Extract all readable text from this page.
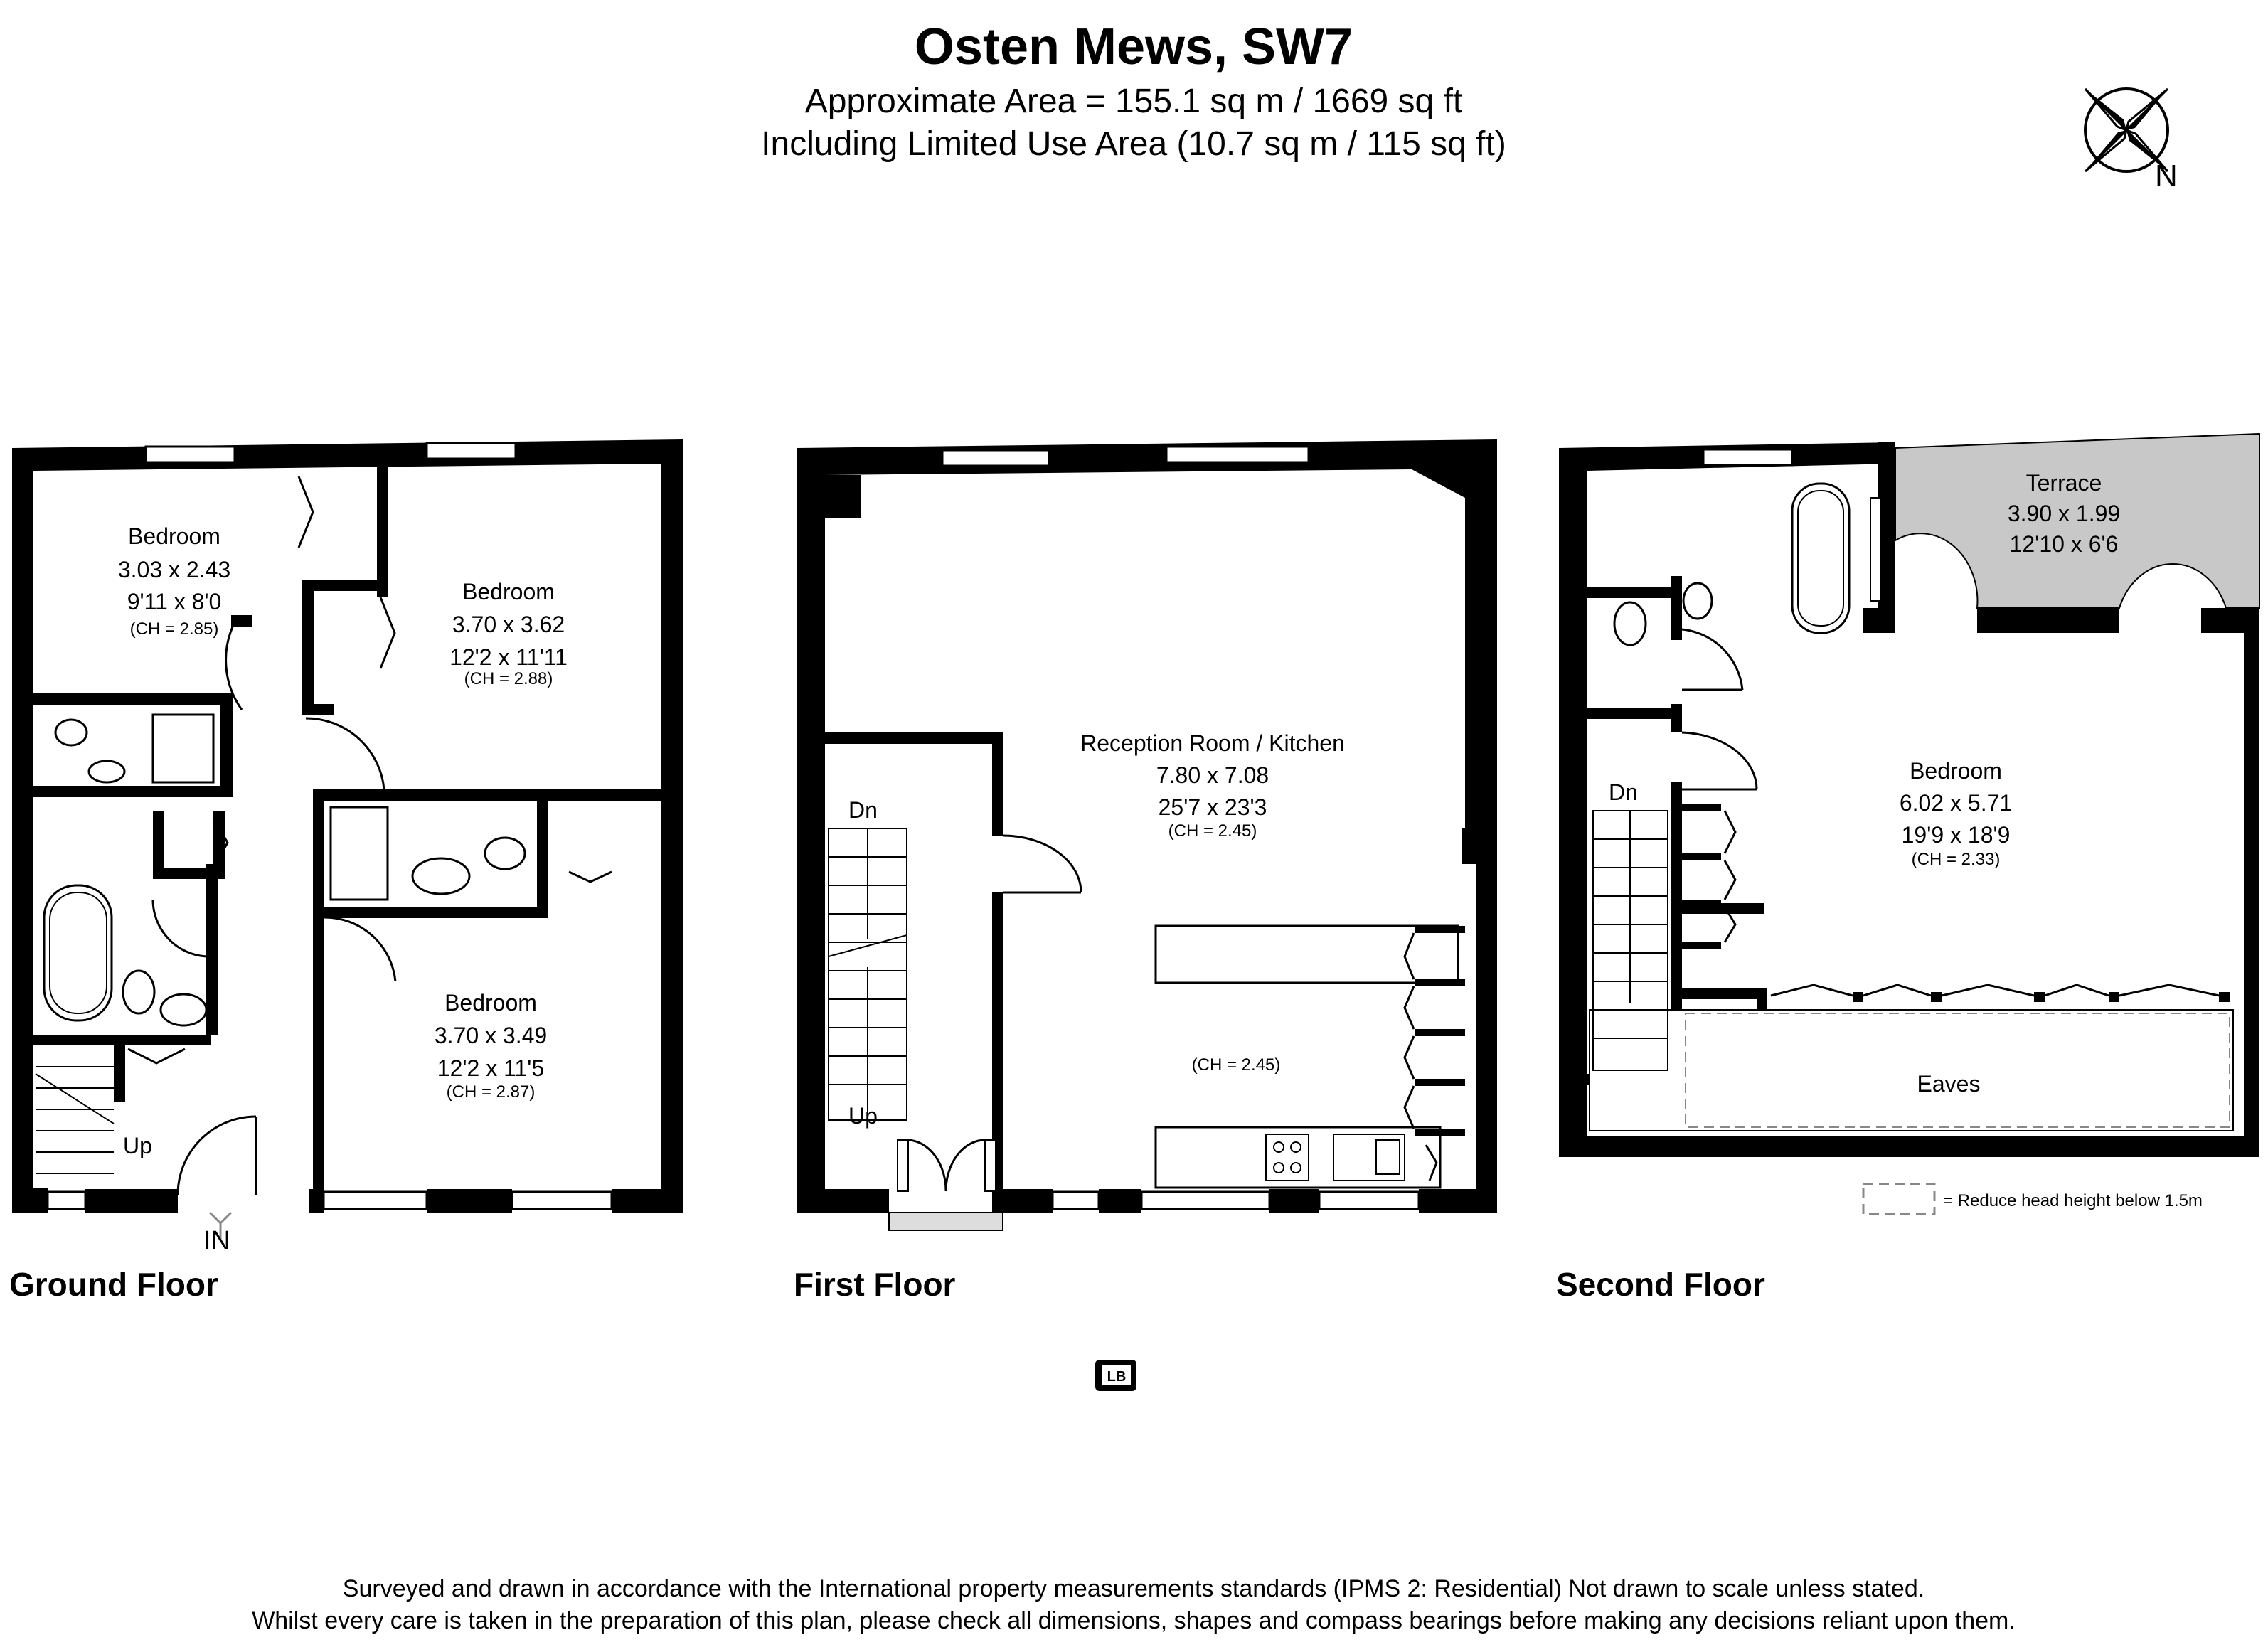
Osten Mews, SW7
Approximate Area = 155.1 sq m / 1669 sq ft
Including Limited Use Area (10.7 sq m / 115 sq ft)
N
Bedroom
3.03 x 2.43
9'11 x 8'0
(CH = 2.85)
Bedroom
3.70 x 3.62
12'2 x 11'11
(CH = 2.88)
Bedroom
3.70 x 3.49
12'2 x 11'5
(CH = 2.87)
Up
IN
Ground Floor
Reception Room / Kitchen
7.80 x 7.08
25'7 x 23'3
(CH = 2.45)
(CH = 2.45)
Dn
Up
First Floor
Terrace
3.90 x 1.99
12'10 x 6'6
Bedroom
6.02 x 5.71
19'9 x 18'9
(CH = 2.33)
Eaves
Dn
= Reduce head height below 1.5m
Second Floor
LB
Surveyed and drawn in accordance with the International property measurements standards (IPMS 2: Residential) Not drawn to scale unless stated.
Whilst every care is taken in the preparation of this plan, please check all dimensions, shapes and compass bearings before making any decisions reliant upon them.
